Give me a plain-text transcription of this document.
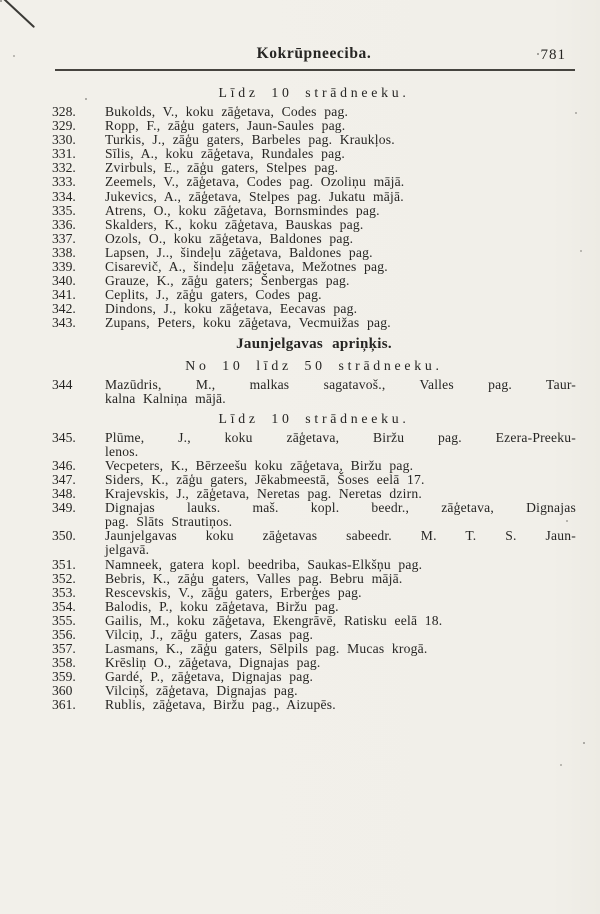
Kokrūpneeciba.	781
Līdz 10 strādneeku.
328.	Bukolds, V., koku zāģetava, Codes pag.
329.	Ropp, F., zāģu gaters, Jaun-Saules pag.
330.	Turkis, J., zāģu gaters, Barbeles pag. Kraukļos.
331.	Sīlis, A., koku zāģetava, Rundales pag.
332.	Zvirbuls, E., zāģu gaters, Stelpes pag.
333.	Zeemels, V., zāģetava, Codes pag. Ozoliņu mājā.
334.	Jukevics, A., zāģetava, Stelpes pag. Jukatu mājā.
335.	Atrens, O., koku zāģetava, Bornsmindes pag.
336.	Skalders, K., koku zāģetava, Bauskas pag.
337.	Ozols, O., koku zāģetava, Baldones pag.
338.	Lapsen, J.., šindeļu zāģetava, Baldones pag.
339.	Cisarevič, A., šindeļu zāģetava, Mežotnes pag.
340.	Grauze, K., zāģu gaters; Šenbergas pag.
341.	Ceplits, J., zāģu gaters, Codes pag.
342.	Dindons, J., koku zāģetava, Eecavas pag.
343.	Zupans, Peters, koku zāģetava, Vecmuižas pag.
Jaunjelgavas apriņķis.
No 10 līdz 50 strādneeku.
344	Mazūdris, M., malkas sagatavoš., Valles pag. Taur-
kalna Kalniņa mājā.
Līdz 10 strādneeku.
345.	Plūme, J., koku zāģetava, Biržu pag. Ezera-Preeku-
lenos.
346.	Vecpeters, K., Bērzeešu koku zāģetava, Biržu pag.
347.	Siders, K., zāģu gaters, Jēkabmeestā, Šoses eelā 17.
348.	Krajevskis, J., zāģetava, Neretas pag. Neretas dzirn.
349.	Dignajas lauks. maš. kopl. beedr., zāģetava, Dignajas
pag. Slāts Strautiņos.
350.	Jaunjelgavas koku zāģetavas sabeedr. M. T. S. Jaun-
jelgavā.
351.	Namneek, gatera kopl. beedriba, Saukas-Elkšņu pag.
352.	Bebris, K., zāģu gaters, Valles pag. Bebru mājā.
353.	Rescevskis, V., zāģu gaters, Erberģes pag.
354.	Balodis, P., koku zāģetava, Biržu pag.
355.	Gailis, M., koku zāģetava, Ekengrāvē, Ratisku eelā 18.
356.	Vilciņ, J., zāģu gaters, Zasas pag.
357.	Lasmans, K., zāģu gaters, Sēlpils pag. Mucas krogā.
358.	Krēsliņ O., zāģetava, Dignajas pag.
359.	Gardé, P., zāģetava, Dignajas pag.
360	Vilciņš, zāģetava, Dignajas pag.
361.	Rublis, zāģetava, Biržu pag., Aizupēs.
